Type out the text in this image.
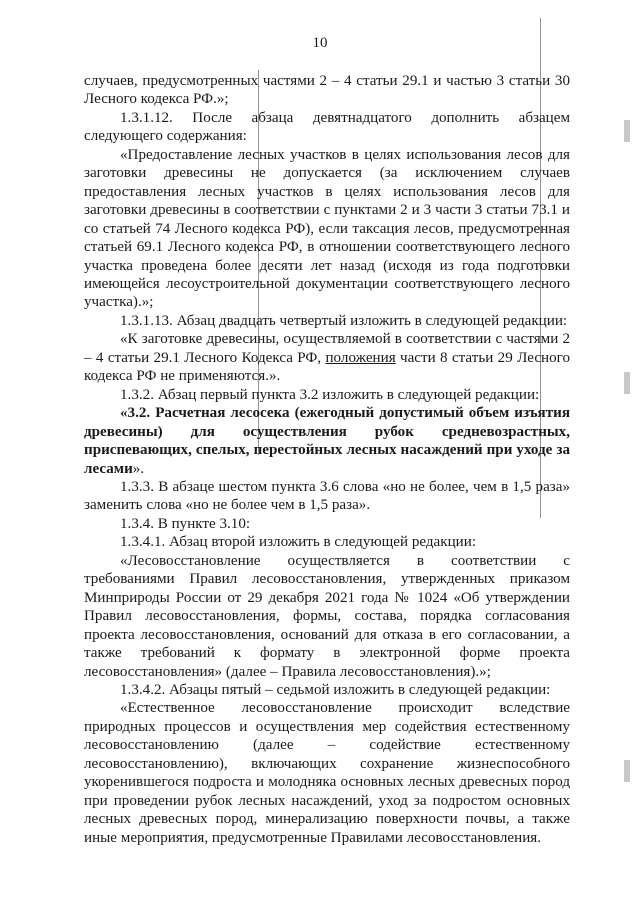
10

случаев, предусмотренных частями 2 – 4 статьи 29.1 и частью 3 статьи 30 Лесного кодекса РФ.»;

1.3.1.12. После абзаца девятнадцатого дополнить абзацем следующего содержания:

«Предоставление лесных участков в целях использования лесов для заготовки древесины не допускается (за исключением случаев предоставления лесных участков в целях использования лесов для заготовки древесины в соответствии с пунктами 2 и 3 части 3 статьи 73.1 и со статьей 74 Лесного кодекса РФ), если таксация лесов, предусмотренная статьей 69.1 Лесного кодекса РФ, в отношении соответствующего лесного участка проведена более десяти лет назад (исходя из года подготовки имеющейся лесоустроительной документации соответствующего лесного участка).»;

1.3.1.13. Абзац двадцать четвертый изложить в следующей редакции:

«К заготовке древесины, осуществляемой в соответствии с частями 2 – 4 статьи 29.1 Лесного Кодекса РФ, положения части 8 статьи 29 Лесного кодекса РФ не применяются.».

1.3.2. Абзац первый пункта 3.2 изложить в следующей редакции:

«3.2. Расчетная лесосека (ежегодный допустимый объем изъятия древесины) для осуществления рубок средневозрастных, приспевающих, спелых, перестойных лесных насаждений при уходе за лесами».

1.3.3. В абзаце шестом пункта 3.6 слова «но не более, чем в 1,5 раза» заменить слова «но не более чем в 1,5 раза».

1.3.4. В пункте 3.10:

1.3.4.1. Абзац второй изложить в следующей редакции:

«Лесовосстановление осуществляется в соответствии с требованиями Правил лесовосстановления, утвержденных приказом Минприроды России от 29 декабря 2021 года № 1024 «Об утверждении Правил лесовосстановления, формы, состава, порядка согласования проекта лесовосстановления, оснований для отказа в его согласовании, а также требований к формату в электронной форме проекта лесовосстановления» (далее – Правила лесовосстановления).»;

1.3.4.2. Абзацы пятый – седьмой изложить в следующей редакции:

«Естественное лесовосстановление происходит вследствие природных процессов и осуществления мер содействия естественному лесовосстановлению (далее – содействие естественному лесовосстановлению), включающих сохранение жизнеспособного укоренившегося подроста и молодняка основных лесных древесных пород при проведении рубок лесных насаждений, уход за подростом основных лесных древесных пород, минерализацию поверхности почвы, а также иные мероприятия, предусмотренные Правилами лесовосстановления.
